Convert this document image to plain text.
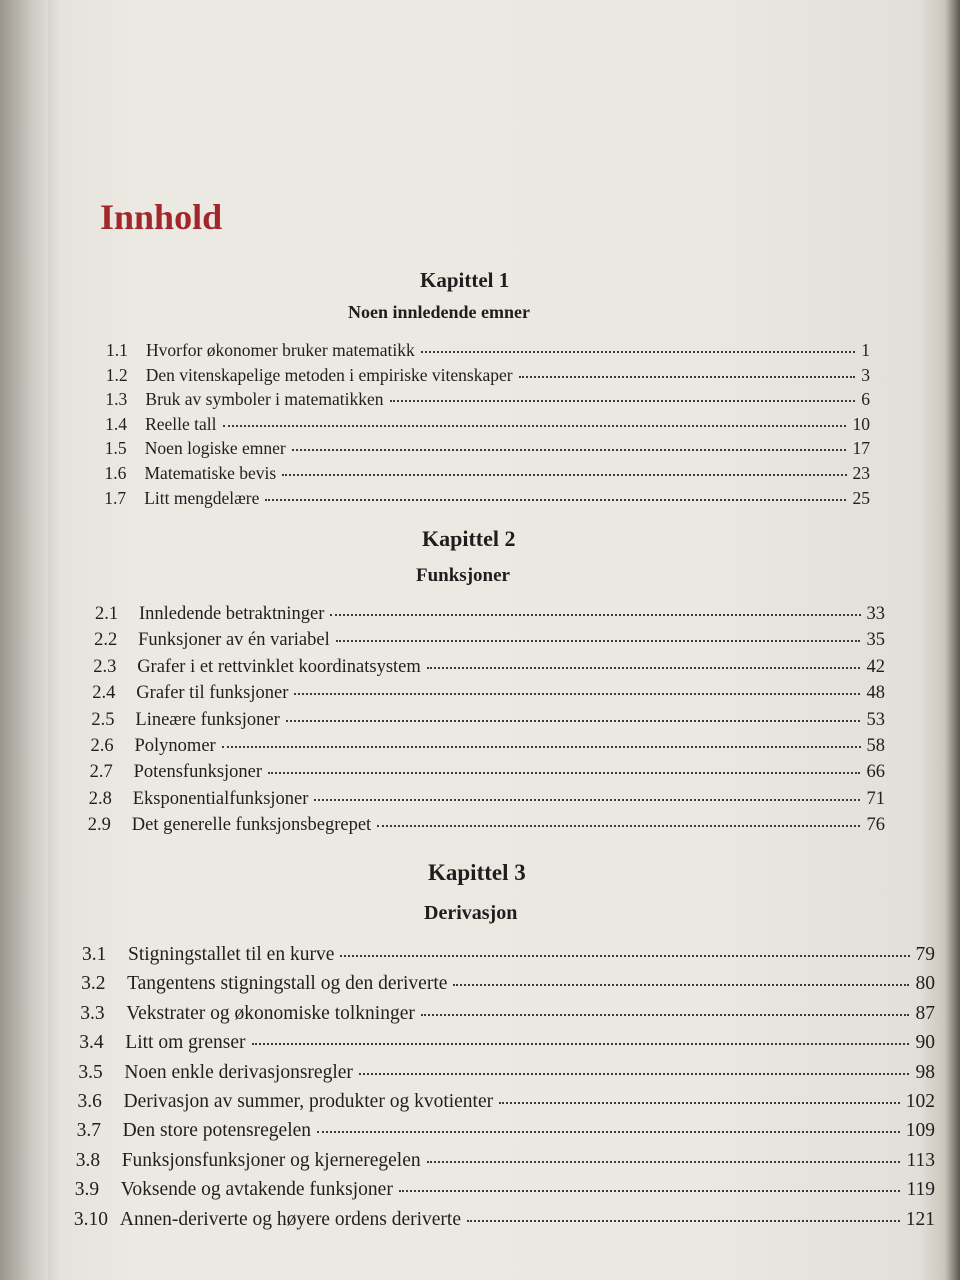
Innhold
Kapittel 1
Noen innledende emner
1.1	Hvorfor økonomer bruker matematikk	1
1.2	Den vitenskapelige metoden i empiriske vitenskaper	3
1.3	Bruk av symboler i matematikken	6
1.4	Reelle tall	10
1.5	Noen logiske emner	17
1.6	Matematiske bevis	23
1.7	Litt mengdelære	25
Kapittel 2
Funksjoner
2.1	Innledende betraktninger	33
2.2	Funksjoner av én variabel	35
2.3	Grafer i et rettvinklet koordinatsystem	42
2.4	Grafer til funksjoner	48
2.5	Lineære funksjoner	53
2.6	Polynomer	58
2.7	Potensfunksjoner	66
2.8	Eksponentialfunksjoner	71
2.9	Det generelle funksjonsbegrepet	76
Kapittel 3
Derivasjon
3.1	Stigningstallet til en kurve	79
3.2	Tangentens stigningstall og den deriverte	80
3.3	Vekstrater og økonomiske tolkninger	87
3.4	Litt om grenser	90
3.5	Noen enkle derivasjonsregler	98
3.6	Derivasjon av summer, produkter og kvotienter	102
3.7	Den store potensregelen	109
3.8	Funksjonsfunksjoner og kjerneregelen	113
3.9	Voksende og avtakende funksjoner	119
3.10 Annen-deriverte og høyere ordens deriverte	121
